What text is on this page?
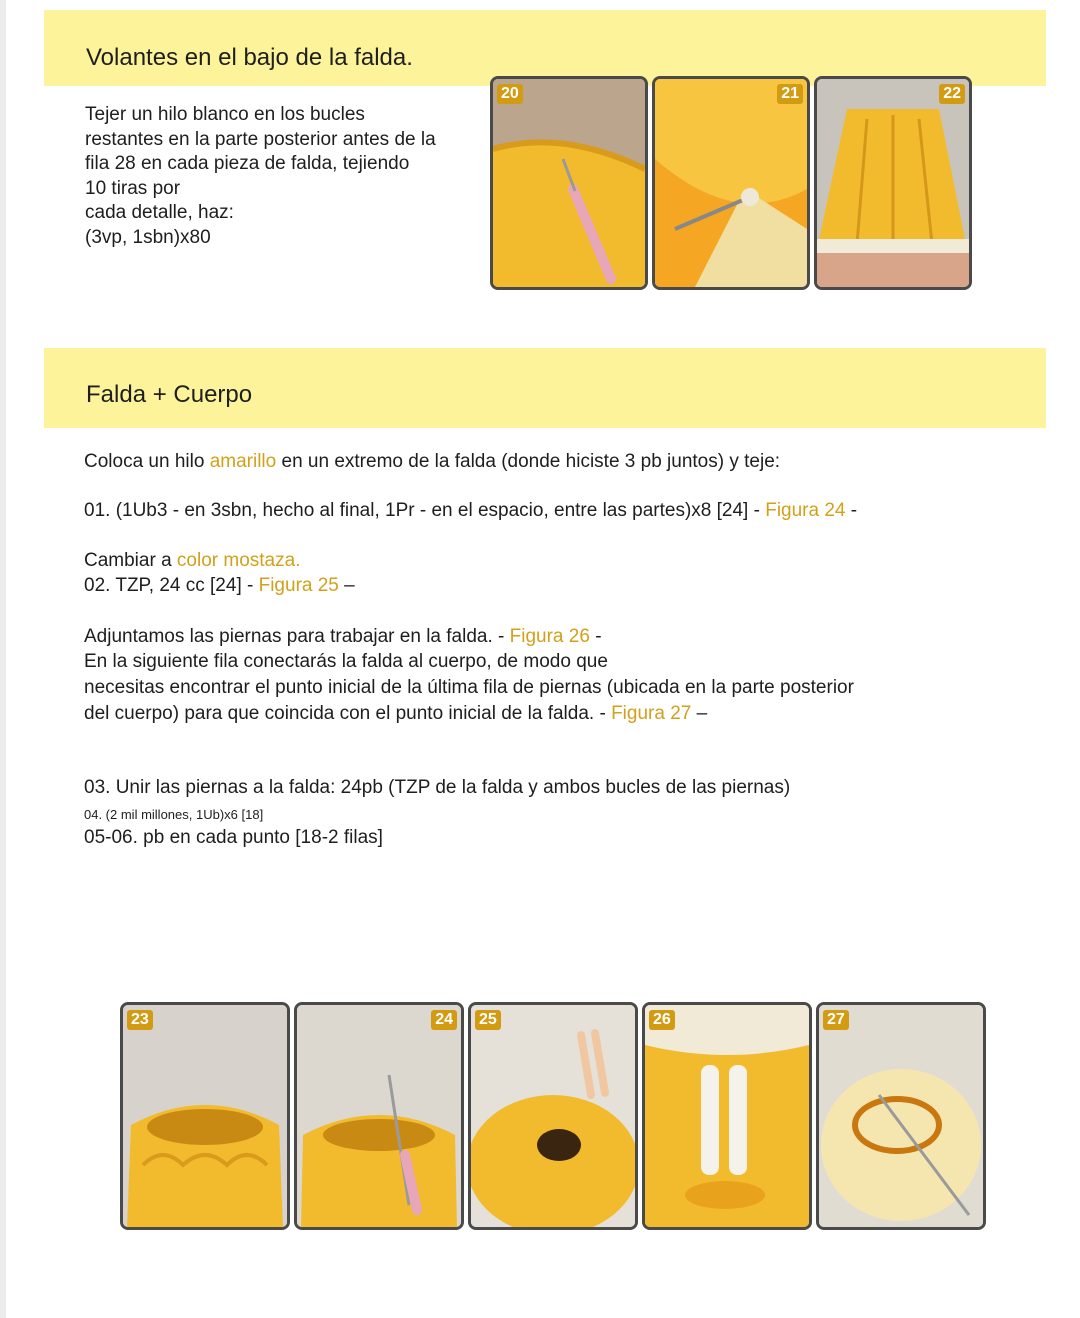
Volantes en el bajo de la falda.
Tejer un hilo blanco en los bucles
restantes en la parte posterior antes de la
fila 28 en cada pieza de falda, tejiendo
10 tiras por
cada detalle, haz:
(3vp, 1sbn)x80
20	21	22
Falda + Cuerpo

Coloca un hilo amarillo en un extremo de la falda (donde hiciste 3 pb juntos) y teje:

01. (1Ub3 - en 3sbn, hecho al final, 1Pr - en el espacio, entre las partes)x8 [24] - Figura 24 -

Cambiar a color mostaza.

02. TZP, 24 cc [24] - Figura 25 –

Adjuntamos las piernas para trabajar en la falda. - Figura 26 -

En la siguiente fila conectarás la falda al cuerpo, de modo que

necesitas encontrar el punto inicial de la última fila de piernas (ubicada en la parte posterior

del cuerpo) para que coincida con el punto inicial de la falda. - Figura 27 –

03. Unir las piernas a la falda: 24pb (TZP de la falda y ambos bucles de las piernas)

04. (2 mil millones, 1Ub)x6 [18]

05-06. pb en cada punto [18-2 filas]

23	24 25	26	27
